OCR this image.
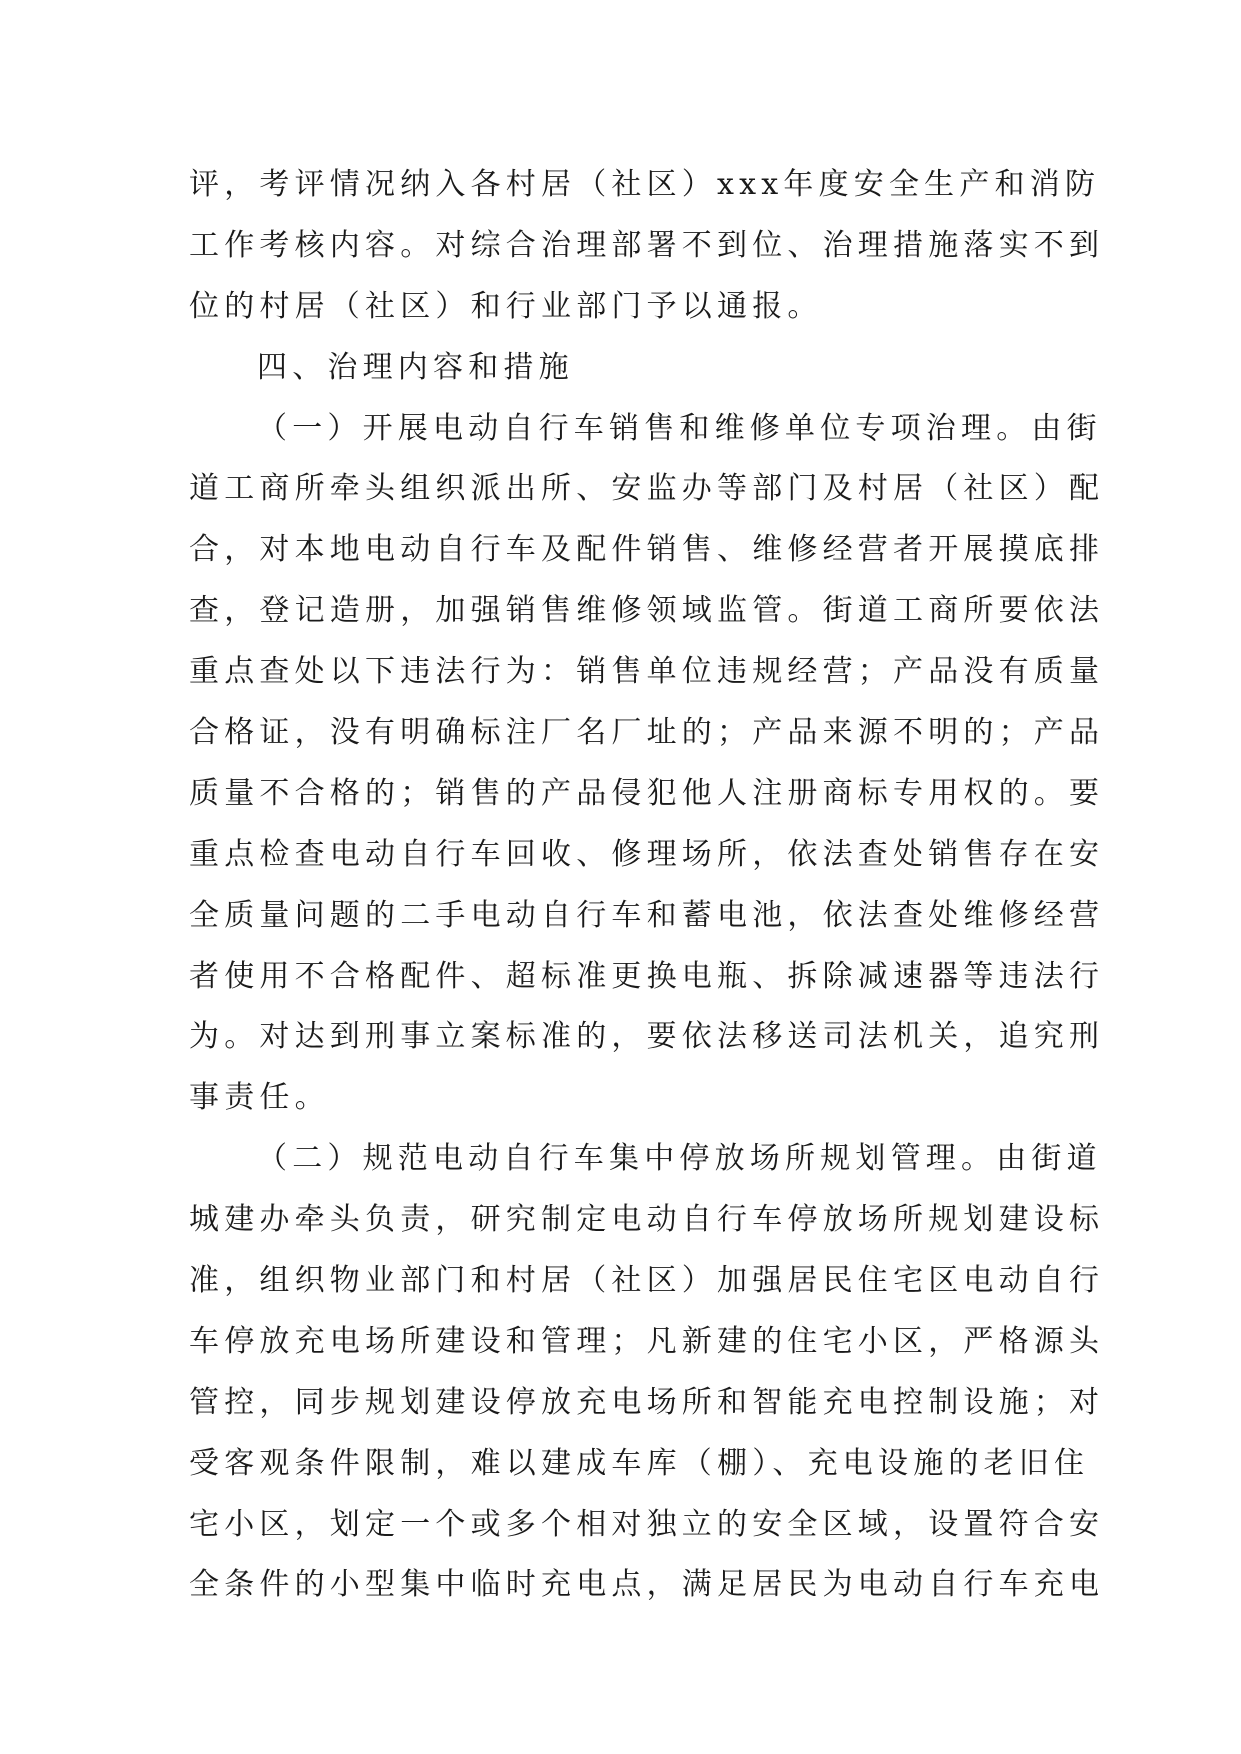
评，考评情况纳入各村居（社区）xxx年度安全生产和消防

工作考核内容。对综合治理部署不到位、治理措施落实不到

位的村居（社区）和行业部门予以通报。

四、治理内容和措施

（一）开展电动自行车销售和维修单位专项治理。由街

道工商所牵头组织派出所、安监办等部门及村居（社区）配

合，对本地电动自行车及配件销售、维修经营者开展摸底排

查，登记造册，加强销售维修领域监管。街道工商所要依法

重点查处以下违法行为：销售单位违规经营；产品没有质量

合格证，没有明确标注厂名厂址的；产品来源不明的；产品

质量不合格的；销售的产品侵犯他人注册商标专用权的。要

重点检查电动自行车回收、修理场所，依法查处销售存在安

全质量问题的二手电动自行车和蓄电池，依法查处维修经营

者使用不合格配件、超标准更换电瓶、拆除减速器等违法行

为。对达到刑事立案标准的，要依法移送司法机关，追究刑

事责任。

（二）规范电动自行车集中停放场所规划管理。由街道

城建办牵头负责，研究制定电动自行车停放场所规划建设标

准，组织物业部门和村居（社区）加强居民住宅区电动自行

车停放充电场所建设和管理；凡新建的住宅小区，严格源头

管控，同步规划建设停放充电场所和智能充电控制设施；对

受客观条件限制，难以建成车库（棚）、充电设施的老旧住

宅小区，划定一个或多个相对独立的安全区域，设置符合安

全条件的小型集中临时充电点，满足居民为电动自行车充电
